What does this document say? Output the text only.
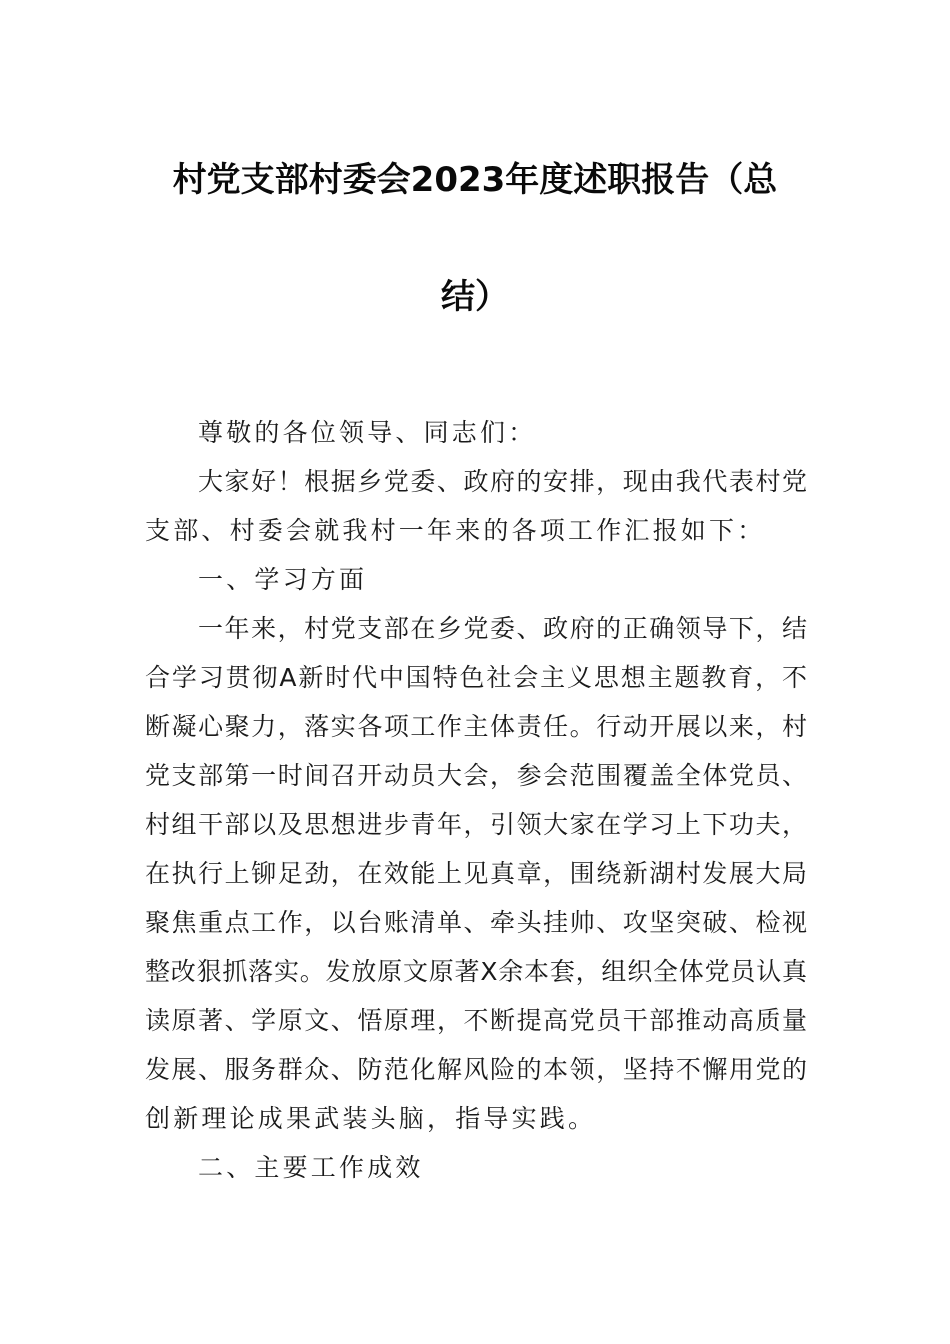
村党支部村委会2023年度述职报告（总
结）
尊敬的各位领导、同志们：
大家好！根据乡党委、政府的安排，现由我代表村党
支部、村委会就我村一年来的各项工作汇报如下：
一、学习方面
一年来，村党支部在乡党委、政府的正确领导下，结
合学习贯彻A新时代中国特色社会主义思想主题教育，不
断凝心聚力，落实各项工作主体责任。行动开展以来，村
党支部第一时间召开动员大会，参会范围覆盖全体党员、
村组干部以及思想进步青年，引领大家在学习上下功夫，
在执行上铆足劲，在效能上见真章，围绕新湖村发展大局
聚焦重点工作，以台账清单、牵头挂帅、攻坚突破、检视
整改狠抓落实。发放原文原著X余本套，组织全体党员认真
读原著、学原文、悟原理，不断提高党员干部推动高质量
发展、服务群众、防范化解风险的本领，坚持不懈用党的
创新理论成果武装头脑，指导实践。
二、主要工作成效
